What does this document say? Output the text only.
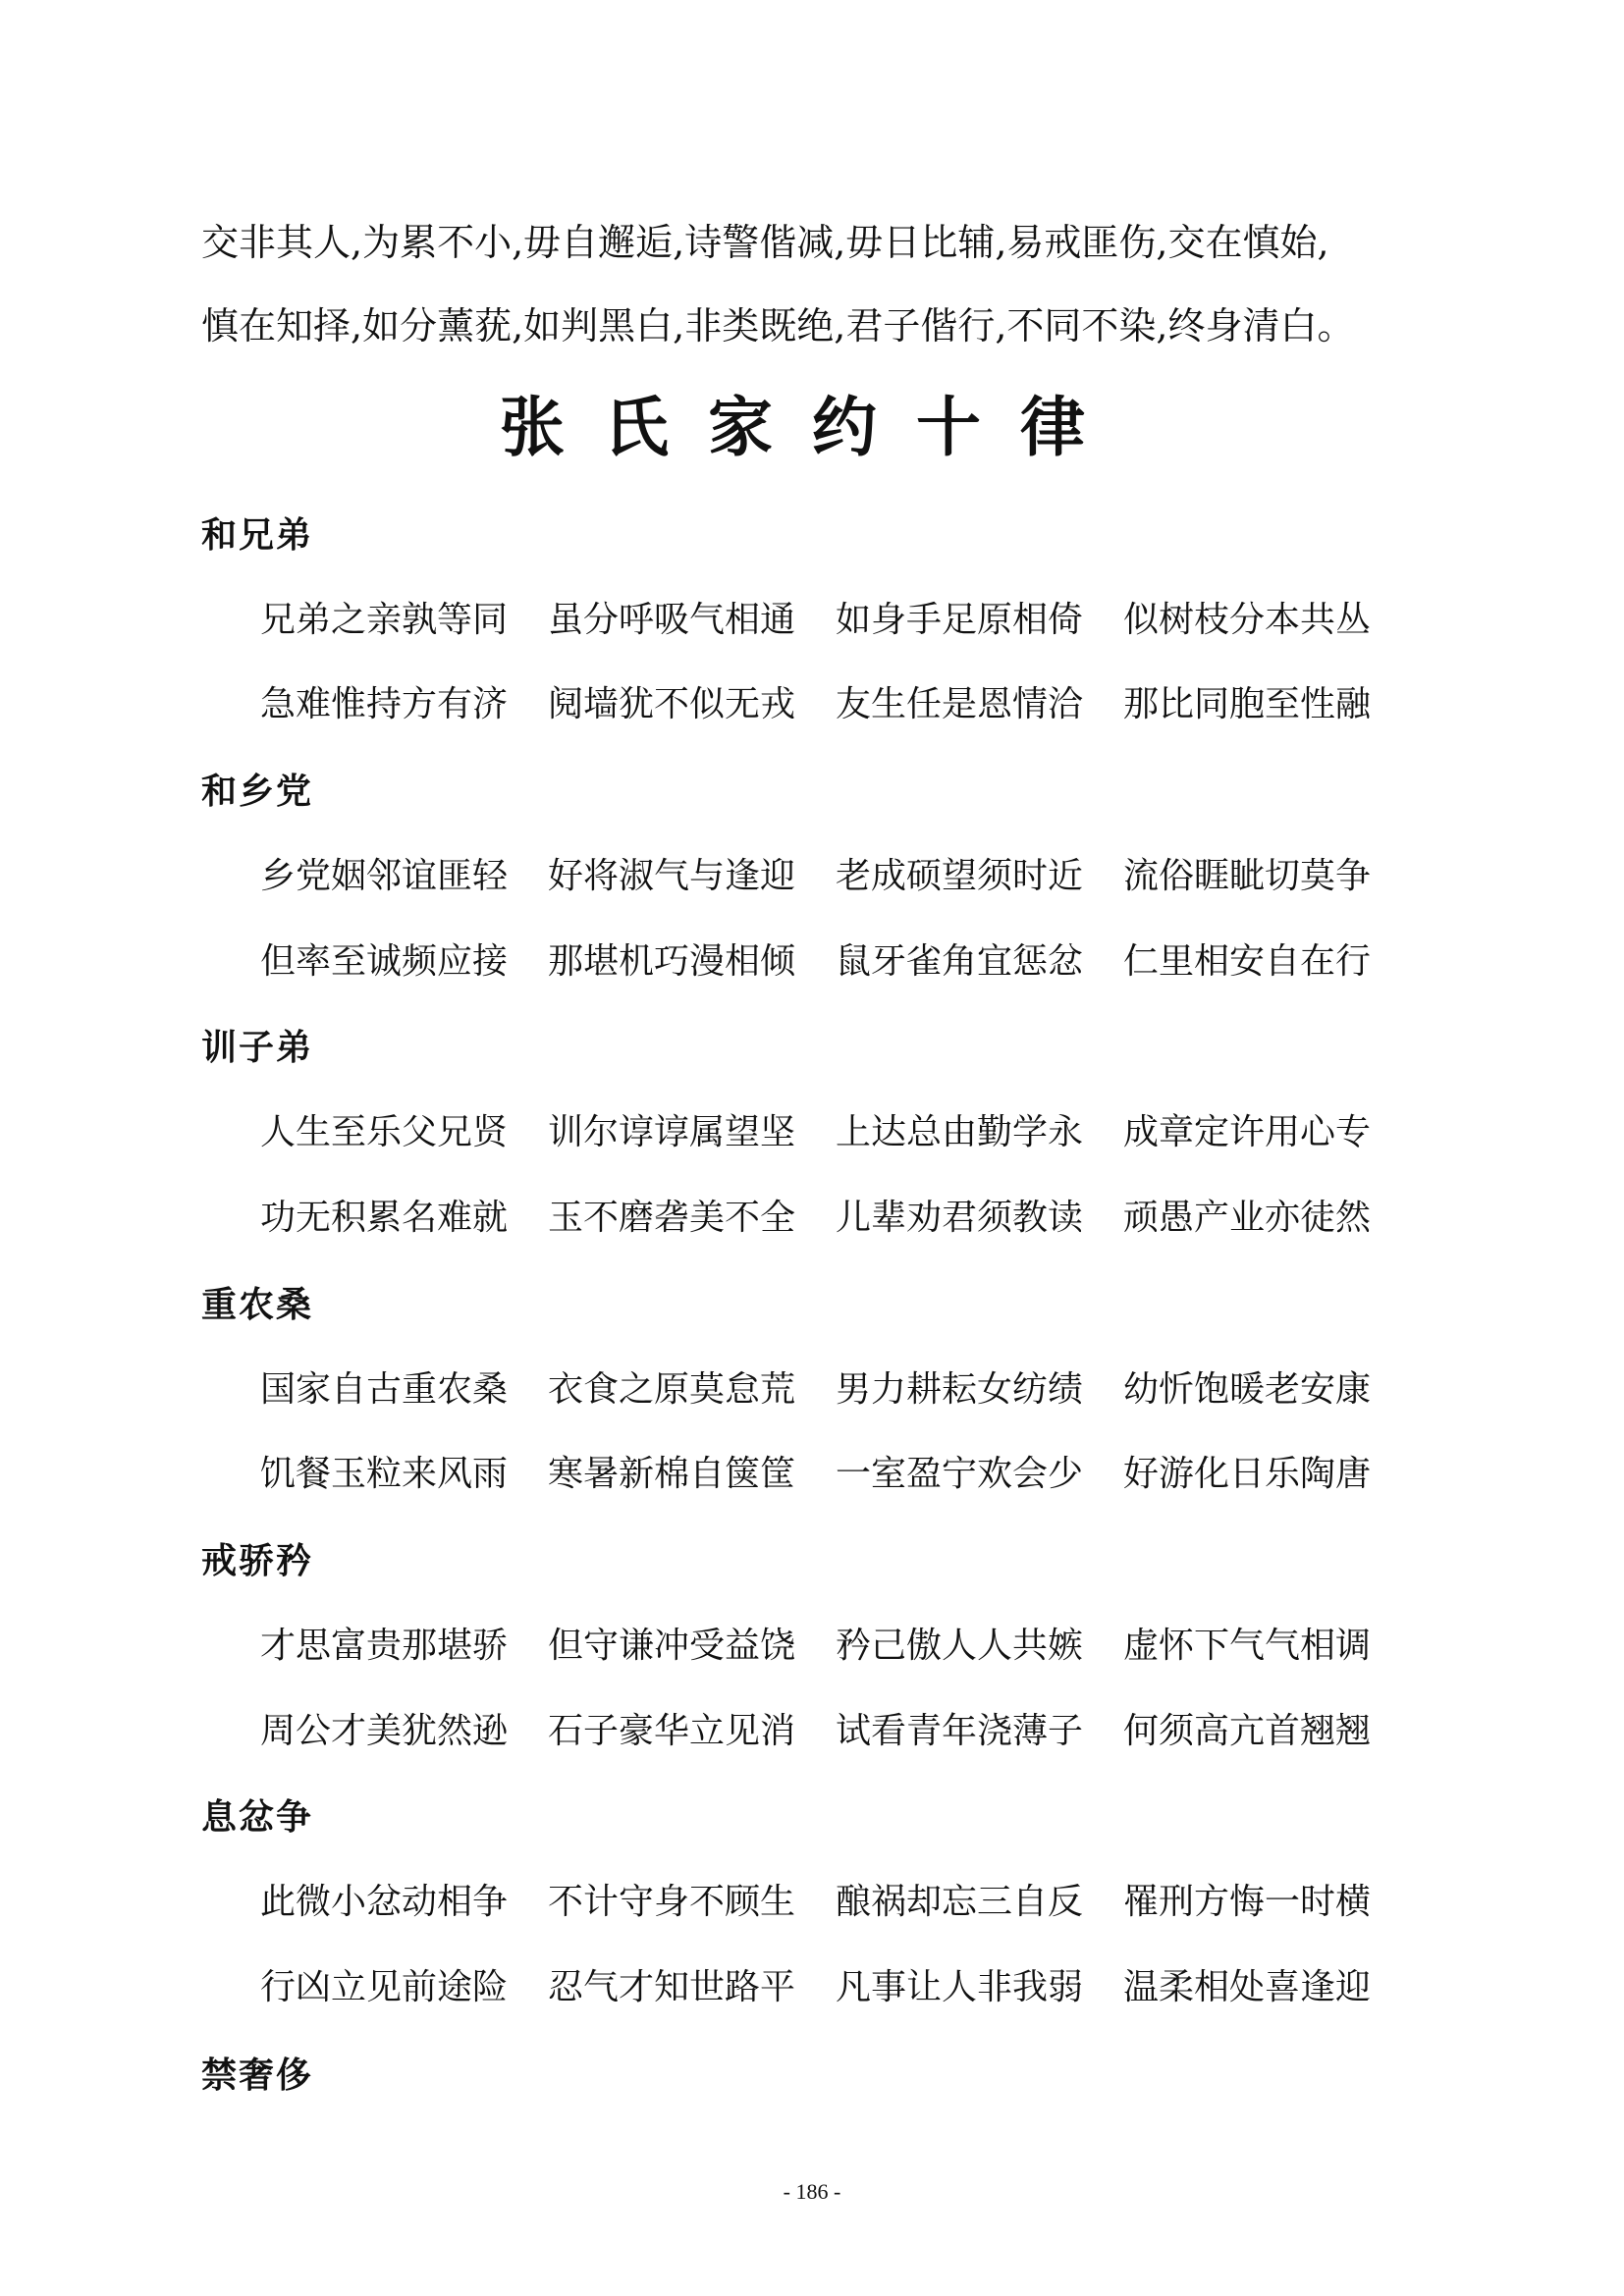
交非其人,为累不小,毋自邂逅,诗警偕减,毋日比辅,易戒匪伤,交在慎始,
慎在知择,如分薰莸,如判黑白,非类既绝,君子偕行,不同不染,终身清白。
张氏家约十律
和兄弟
兄弟之亲孰等同 虽分呼吸气相通 如身手足原相倚 似树枝分本共丛
急难惟持方有济 阋墙犹不似无戎 友生任是恩情洽 那比同胞至性融
和乡党
乡党姻邻谊匪轻 好将淑气与逢迎 老成硕望须时近 流俗睚眦切莫争
但率至诚频应接 那堪机巧漫相倾 鼠牙雀角宜惩忿 仁里相安自在行
训子弟
人生至乐父兄贤 训尔谆谆属望坚 上达总由勤学永 成章定许用心专
功无积累名难就 玉不磨砻美不全 儿辈劝君须教读 顽愚产业亦徒然
重农桑
国家自古重农桑 衣食之原莫怠荒 男力耕耘女纺绩 幼忻饱暖老安康
饥餐玉粒来风雨 寒暑新棉自箧筐 一室盈宁欢会少 好游化日乐陶唐
戒骄矜
才思富贵那堪骄 但守谦冲受益饶 矜己傲人人共嫉 虚怀下气气相调
周公才美犹然逊 石子豪华立见消 试看青年浇薄子 何须高亢首翘翘
息忿争
此微小忿动相争 不计守身不顾生 酿祸却忘三自反 罹刑方悔一时横
行凶立见前途险 忍气才知世路平 凡事让人非我弱 温柔相处喜逢迎
禁奢侈
- 186 -
